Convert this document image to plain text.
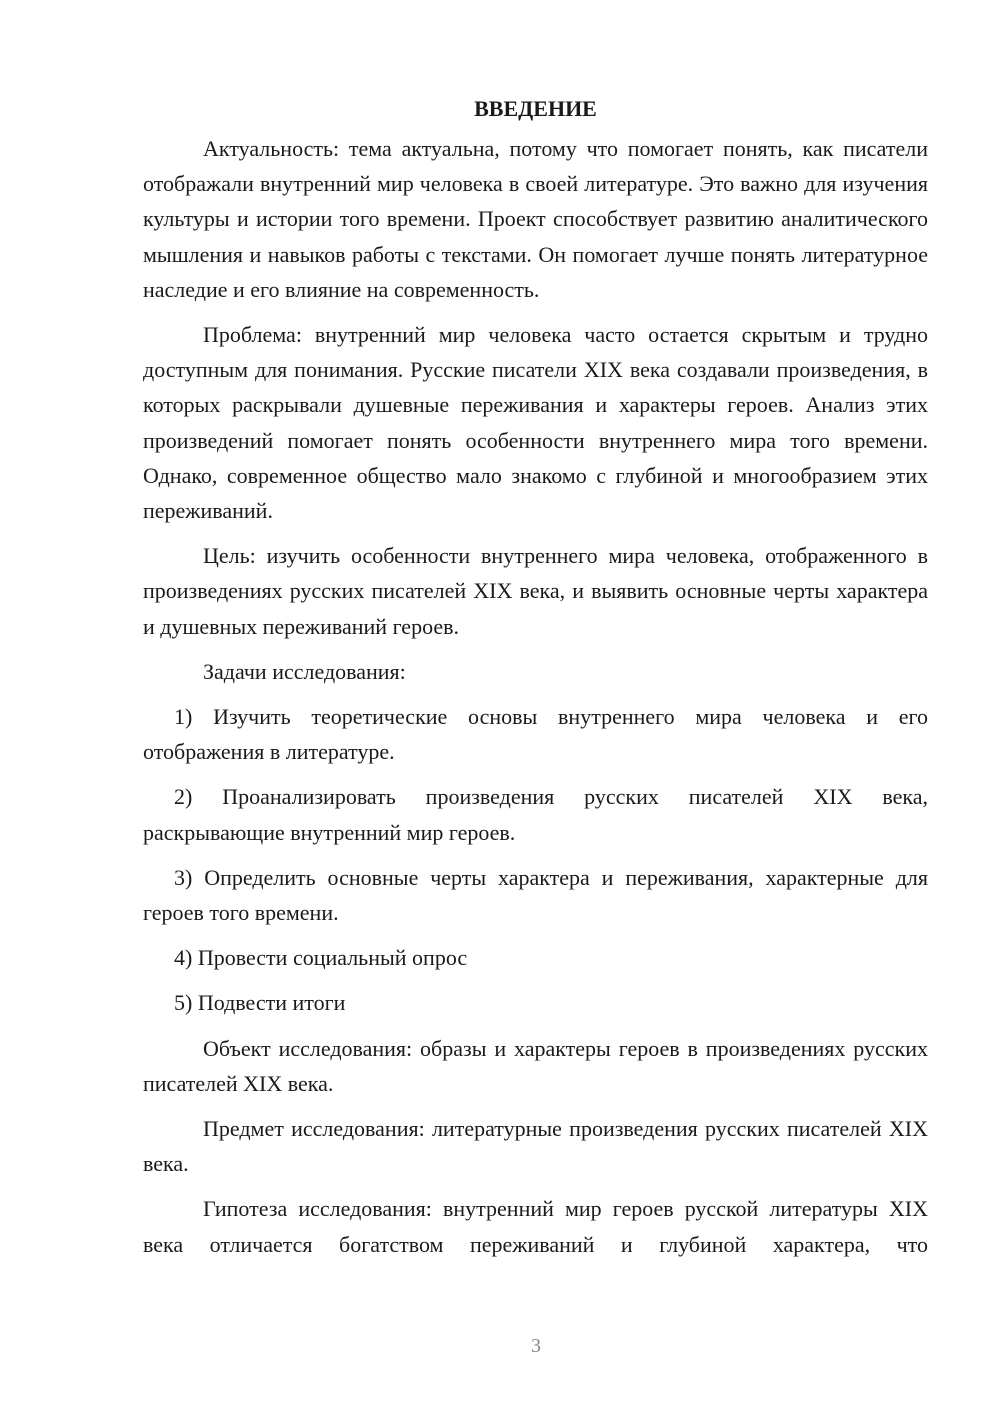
ВВЕДЕНИЕ

Актуальность: тема актуальна, потому что помогает понять, как писатели отображали внутренний мир человека в своей литературе. Это важно для изучения культуры и истории того времени. Проект способствует развитию аналитического мышления и навыков работы с текстами. Он помогает лучше понять литературное наследие и его влияние на современность.

Проблема: внутренний мир человека часто остается скрытым и трудно доступным для понимания. Русские писатели XIX века создавали произведения, в которых раскрывали душевные переживания и характеры героев. Анализ этих произведений помогает понять особенности внутреннего мира того времени. Однако, современное общество мало знакомо с глубиной и многообразием этих переживаний.

Цель: изучить особенности внутреннего мира человека, отображенного в произведениях русских писателей XIX века, и выявить основные черты характера и душевных переживаний героев.

Задачи исследования:

1) Изучить теоретические основы внутреннего мира человека и его отображения в литературе.

2) Проанализировать произведения русских писателей XIX века, раскрывающие внутренний мир героев.

3) Определить основные черты характера и переживания, характерные для героев того времени.

4) Провести социальный опрос

5) Подвести итоги

Объект исследования: образы и характеры героев в произведениях русских писателей XIX века.

Предмет исследования: литературные произведения русских писателей XIX века.

Гипотеза исследования: внутренний мир героев русской литературы XIX века отличается богатством переживаний и глубиной характера, что

3
